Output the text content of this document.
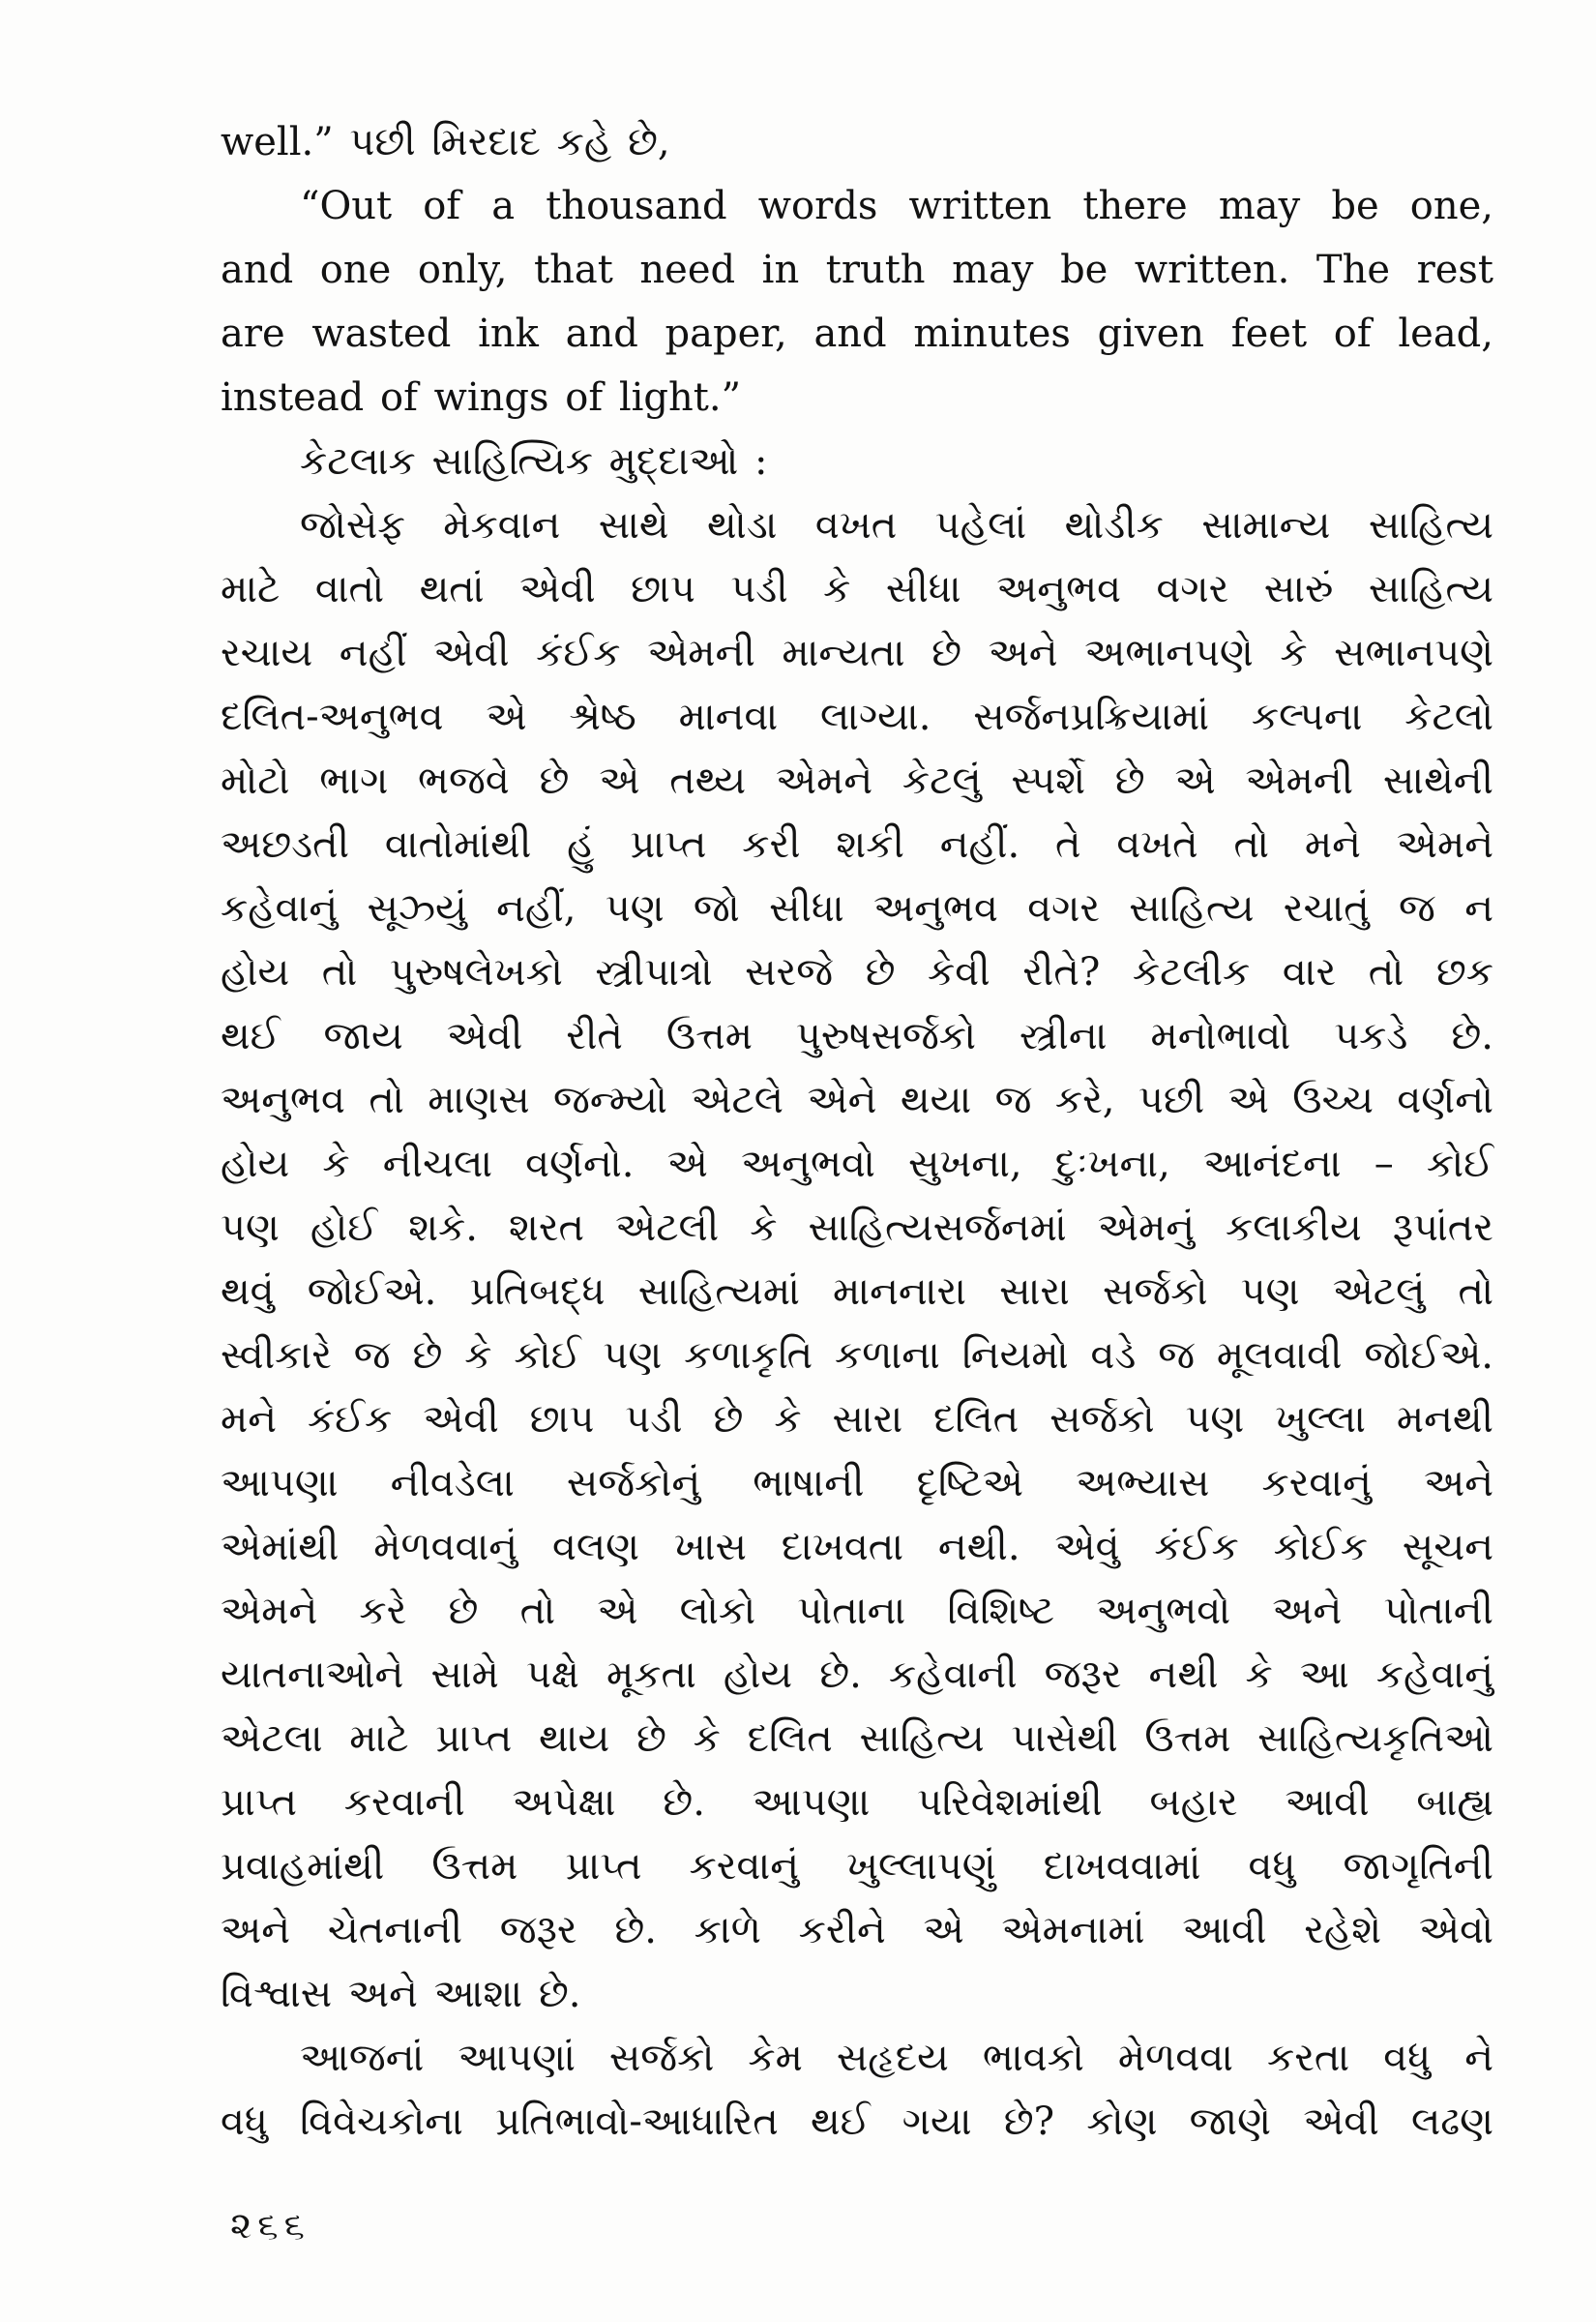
well.” પછી મિરદાદ કહે છે,
“Out of a thousand words written there may be one,
and one only, that need in truth may be written. The rest
are wasted ink and paper, and minutes given feet of lead,
instead of wings of light.”
કેટલાક સાહિત્યિક મુદ્દાઓ :
જોસેફ મેકવાન સાથે થોડા વખત પહેલાં થોડીક સામાન્ય સાહિત્ય
માટે વાતો થતાં એવી છાપ પડી કે સીધા અનુભવ વગર સારું સાહિત્ય
રચાય નહીં એવી કંઈક એમની માન્યતા છે અને અભાનપણે કે સભાનપણે
દલિત-અનુભવ એ શ્રેષ્ઠ માનવા લાગ્યા. સર્જનપ્રક્રિયામાં કલ્પના કેટલો
મોટો ભાગ ભજવે છે એ તથ્ય એમને કેટલું સ્પર્શે છે એ એમની સાથેની
અછડતી વાતોમાંથી હું પ્રાપ્ત કરી શકી નહીં. તે વખતે તો મને એમને
કહેવાનું સૂઝ્યું નહીં, પણ જો સીધા અનુભવ વગર સાહિત્ય રચાતું જ ન
હોય તો પુરુષલેખકો સ્ત્રીપાત્રો સરજે છે કેવી રીતે? કેટલીક વાર તો છક
થઈ જાય એવી રીતે ઉત્તમ પુરુષસર્જકો સ્ત્રીના મનોભાવો પકડે છે.
અનુભવ તો માણસ જન્મ્યો એટલે એને થયા જ કરે, પછી એ ઉચ્ચ વર્ણનો
હોય કે નીચલા વર્ણનો. એ અનુભવો સુખના, દુઃખના, આનંદના – કોઈ
પણ હોઈ શકે. શરત એટલી કે સાહિત્યસર્જનમાં એમનું કલાકીય રૂપાંતર
થવું જોઈએ. પ્રતિબદ્ધ સાહિત્યમાં માનનારા સારા સર્જકો પણ એટલું તો
સ્વીકારે જ છે કે કોઈ પણ કળાકૃતિ કળાના નિયમો વડે જ મૂલવાવી જોઈએ.
મને કંઈક એવી છાપ પડી છે કે સારા દલિત સર્જકો પણ ખુલ્લા મનથી
આપણા નીવડેલા સર્જકોનું ભાષાની દૃષ્ટિએ અભ્યાસ કરવાનું અને
એમાંથી મેળવવાનું વલણ ખાસ દાખવતા નથી. એવું કંઈક કોઈક સૂચન
એમને કરે છે તો એ લોકો પોતાના વિશિષ્ટ અનુભવો અને પોતાની
યાતનાઓને સામે પક્ષે મૂકતા હોય છે. કહેવાની જરૂર નથી કે આ કહેવાનું
એટલા માટે પ્રાપ્ત થાય છે કે દલિત સાહિત્ય પાસેથી ઉત્તમ સાહિત્યકૃતિઓ
પ્રાપ્ત કરવાની અપેક્ષા છે. આપણા પરિવેશમાંથી બહાર આવી બાહ્ય
પ્રવાહમાંથી ઉત્તમ પ્રાપ્ત કરવાનું ખુલ્લાપણું દાખવવામાં વધુ જાગૃતિની
અને ચેતનાની જરૂર છે. કાળે કરીને એ એમનામાં આવી રહેશે એવો
વિશ્વાસ અને આશા છે.
આજનાં આપણાં સર્જકો કેમ સહૃદય ભાવકો મેળવવા કરતા વધુ ને
વધુ વિવેચકોના પ્રતિભાવો-આધારિત થઈ ગયા છે? કોણ જાણે એવી લઢણ
૨૬૬
